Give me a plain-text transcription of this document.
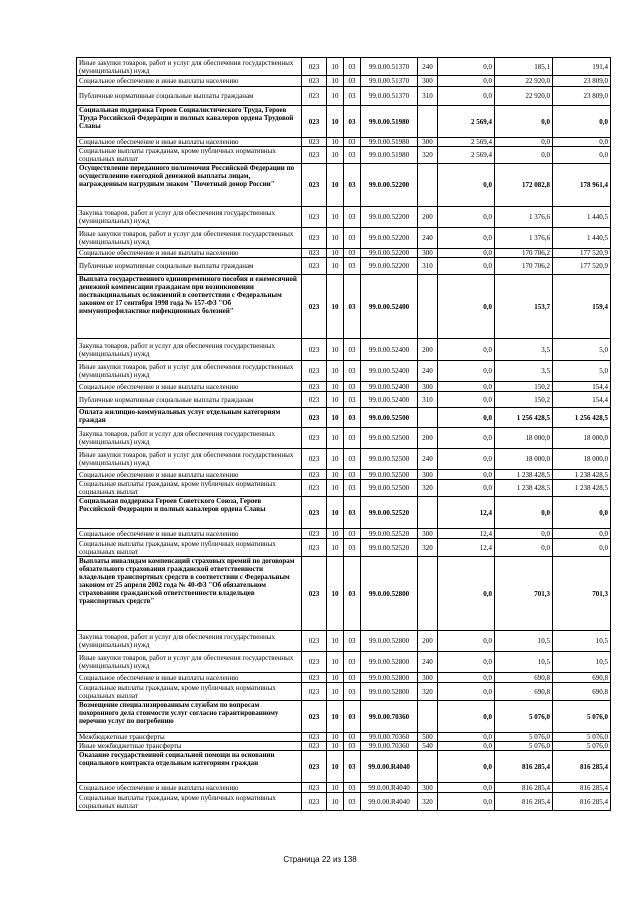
Иные закупки товаров, работ и услуг для обеспечения государственных (муниципальных) нужд	023	10	03	99.0.00.51370	240	0,0	185,1	191,4
Социальное обеспечение и иные выплаты населению	023	10	03	99.0.00.51370	300	0,0	22 920,0	23 809,0
Публичные нормативные социальные выплаты гражданам	023	10	03	99.0.00.51370	310	0,0	22 920,0	23 809,0
Социальная поддержка Героев Социалистического Труда, Героев Труда Российской Федерации и полных кавалеров ордена Трудовой Славы	023	10	03	99.0.00.51980		2 569,4	0,0	0,0
Социальное обеспечение и иные выплаты населению	023	10	03	99.0.00.51980	300	2 569,4	0,0	0,0
Социальные выплаты гражданам, кроме публичных нормативных социальных выплат	023	10	03	99.0.00.51980	320	2 569,4	0,0	0,0
Осуществление переданного полномочия Российской Федерации по осуществлению ежегодной денежной выплаты лицам, награжденным нагрудным знаком "Почетный донор России"	023	10	03	99.0.00.52200		0,0	172 082,8	178 961,4
Закупка товаров, работ и услуг для обеспечения государственных (муниципальных) нужд	023	10	03	99.0.00.52200	200	0,0	1 376,6	1 440,5
Иные закупки товаров, работ и услуг для обеспечения государственных (муниципальных) нужд	023	10	03	99.0.00.52200	240	0,0	1 376,6	1 440,5
Социальное обеспечение и иные выплаты населению	023	10	03	99.0.00.52200	300	0,0	170 706,2	177 520,9
Публичные нормативные социальные выплаты гражданам	023	10	03	99.0.00.52200	310	0,0	170 706,2	177 520,9
Выплата государственного единовременного пособия и ежемесячной денежной компенсации гражданам при возникновении поствакцинальных осложнений в соответствии с Федеральным законом от 17 сентября 1998 года № 157-ФЗ "Об иммунопрофилактике инфекционных болезней"	023	10	03	99.0.00.52400		0,0	153,7	159,4
Закупка товаров, работ и услуг для обеспечения государственных (муниципальных) нужд	023	10	03	99.0.00.52400	200	0,0	3,5	5,0
Иные закупки товаров, работ и услуг для обеспечения государственных (муниципальных) нужд	023	10	03	99.0.00.52400	240	0,0	3,5	5,0
Социальное обеспечение и иные выплаты населению	023	10	03	99.0.00.52400	300	0,0	150,2	154,4
Публичные нормативные социальные выплаты гражданам	023	10	03	99.0.00.52400	310	0,0	150,2	154,4
Оплата жилищно-коммунальных услуг отдельным категориям граждан	023	10	03	99.0.00.52500		0,0	1 256 428,5	1 256 428,5
Закупка товаров, работ и услуг для обеспечения государственных (муниципальных) нужд	023	10	03	99.0.00.52500	200	0,0	18 000,0	18 000,0
Иные закупки товаров, работ и услуг для обеспечения государственных (муниципальных) нужд	023	10	03	99.0.00.52500	240	0,0	18 000,0	18 000,0
Социальное обеспечение и иные выплаты населению	023	10	03	99.0.00.52500	300	0,0	1 238 428,5	1 238 428,5
Социальные выплаты гражданам, кроме публичных нормативных социальных выплат	023	10	03	99.0.00.52500	320	0,0	1 238 428,5	1 238 428,5
Социальная поддержка Героев Советского Союза, Героев Российской Федерации и полных кавалеров ордена Славы	023	10	03	99.0.00.52520		12,4	0,0	0,0
Социальное обеспечение и иные выплаты населению	023	10	03	99.0.00.52520	300	12,4	0,0	0,0
Социальные выплаты гражданам, кроме публичных нормативных социальных выплат	023	10	03	99.0.00.52520	320	12,4	0,0	0,0
Выплаты инвалидам компенсаций страховых премий по договорам обязательного страхования гражданской ответственности владельцев транспортных средств в соответствии с Федеральным законом от 25 апреля 2002 года № 40-ФЗ "Об обязательном страховании гражданской ответственности владельцев транспортных средств"	023	10	03	99.0.00.52800		0,0	701,3	701,3
Закупка товаров, работ и услуг для обеспечения государственных (муниципальных) нужд	023	10	03	99.0.00.52800	200	0,0	10,5	10,5
Иные закупки товаров, работ и услуг для обеспечения государственных (муниципальных) нужд	023	10	03	99.0.00.52800	240	0,0	10,5	10,5
Социальное обеспечение и иные выплаты населению	023	10	03	99.0.00.52800	300	0,0	690,8	690,8
Социальные выплаты гражданам, кроме публичных нормативных социальных выплат	023	10	03	99.0.00.52800	320	0,0	690,8	690,8
Возмещение специализированным службам по вопросам похоронного дела стоимости услуг согласно гарантированному перечню услуг по погребению	023	10	03	99.0.00.70360		0,0	5 076,0	5 076,0
Межбюджетные трансферты	023	10	03	99.0.00.70360	500	0,0	5 076,0	5 076,0
Иные межбюджетные трансферты	023	10	03	99.0.00.70360	540	0,0	5 076,0	5 076,0
Оказание государственной социальной помощи на основании социального контракта отдельным категориям граждан	023	10	03	99.0.00.R4040		0,0	816 285,4	816 285,4
Социальное обеспечение и иные выплаты населению	023	10	03	99.0.00.R4040	300	0,0	816 285,4	816 285,4
Социальные выплаты гражданам, кроме публичных нормативных социальных выплат	023	10	03	99.0.00.R4040	320	0,0	816 285,4	816 285,4
Страница 22 из 138
